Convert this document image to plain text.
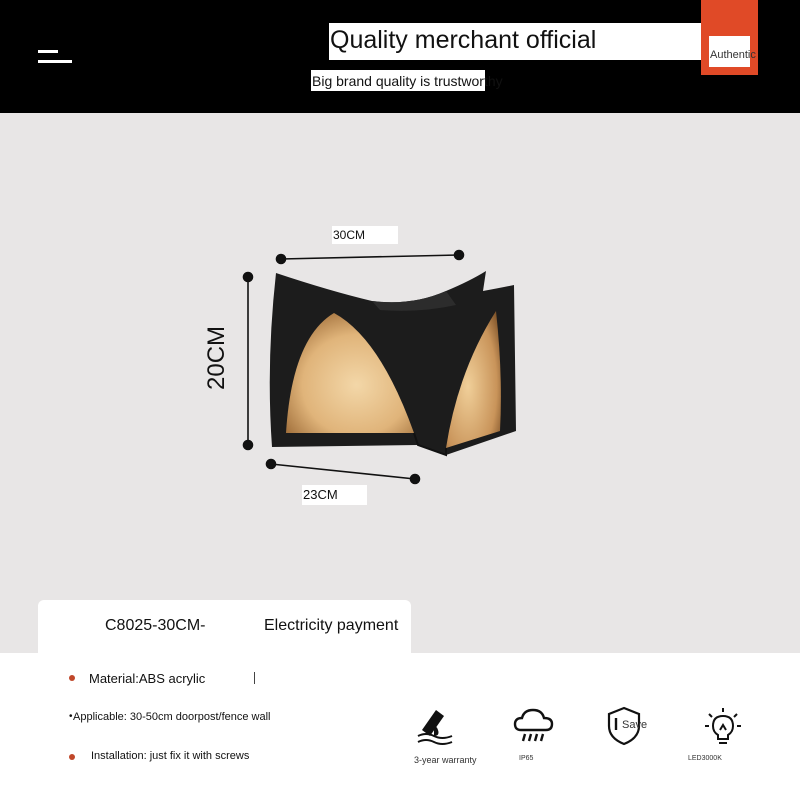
Quality merchant official
Authentic
Big brand quality is trustworthy
30CM
20CM
23CM
C8025-30CM-	Electricity payment
Material:ABS acrylic
• Applicable: 30-50cm doorpost/fence wall
Installation: just fix it with screws	3-year warranty	IP65
Save
LED3000K
